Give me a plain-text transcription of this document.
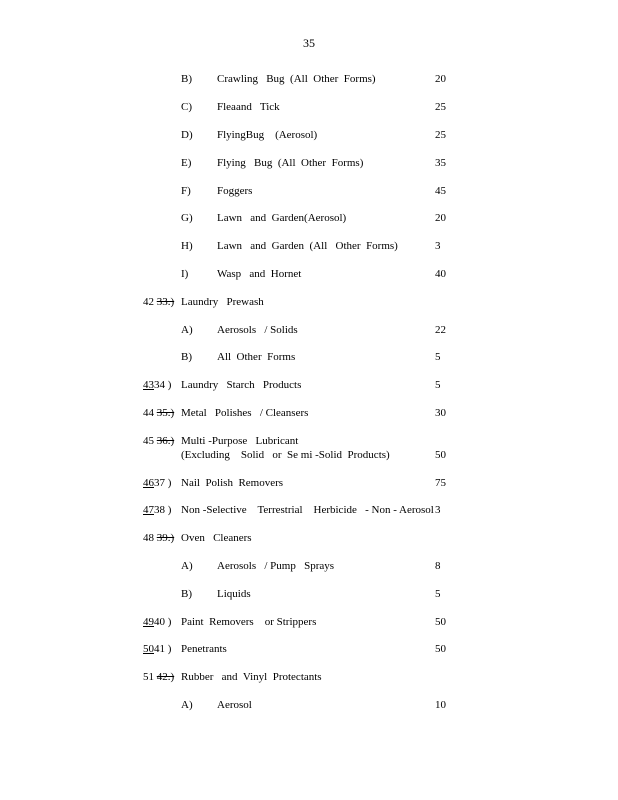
35
B) Crawling   Bug  (All  Other  Forms)	20
C) Fleaand   Tick	25
D) FlyingBug    (Aerosol)	25
E) Flying   Bug  (All  Other  Forms)	35
F) Foggers	45
G) Lawn   and  Garden(Aerosol)	20
H) Lawn   and  Garden  (All   Other  Forms)	3
I)	Wasp   and  Hornet	40
42 33.) Laundry   Prewash
A) Aerosols   / Solids	22
B) All  Other  Forms	5
4334 ) Laundry   Starch   Products	5
44 35.) Metal   Polishes   / Cleansers	30
45 36.) Multi -Purpose   Lubricant
(Excluding    Solid   or  Se mi -Solid  Products)	50
4637 ) Nail  Polish  Removers	75
4738 ) Non -Selective    Terrestrial    Herbicide   - Non - Aerosol 3
48 39.) Oven   Cleaners
A) Aerosols   / Pump   Sprays	8
B) Liquids	5
4940 ) Paint  Removers    or Strippers	50
5041 ) Penetrants	50
51 42.) Rubber   and  Vinyl  Protectants
A) Aerosol	10
